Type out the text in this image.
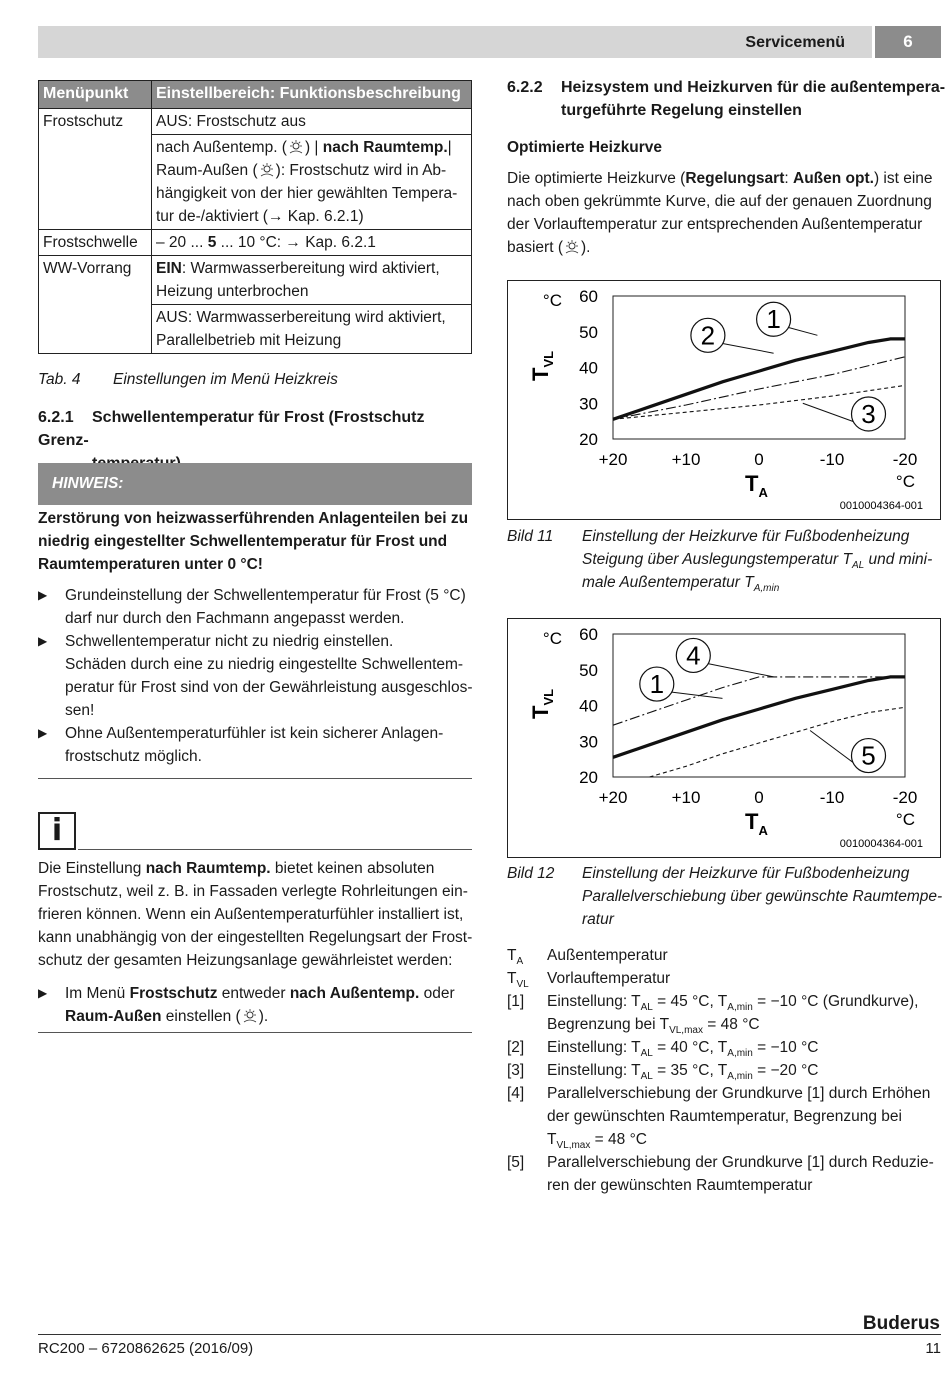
Servicemenü	6
Menüpunkt	Einstellbereich: Funktionsbeschreibung
Frostschutz	AUS: Frostschutz aus
	nach Außentemp. ( ) | nach Raumtemp.|
Raum-Außen ( ): Frostschutz wird in Ab-
hängigkeit von der hier gewählten Tempera-
tur de-/aktiviert (→ Kap. 6.2.1)
Frostschwelle	– 20 ... 5 ... 10 °C: → Kap. 6.2.1
WW-Vorrang	EIN: Warmwasserbereitung wird aktiviert,
Heizung unterbrochen
	AUS: Warmwasserbereitung wird aktiviert,
Parallelbetrieb mit Heizung
Tab. 4 Einstellungen im Menü Heizkreis
6.2.1 Schwellentemperatur für Frost (Frostschutz Grenz-

HINWEIS:
Zerstörung von heizwasserführenden Anlagenteilen bei zu
niedrig eingestellter Schwellentemperatur für Frost und
Raumtemperaturen unter 0 °C!
▶ Grundeinstellung der Schwellentemperatur für Frost (5 °C)
darf nur durch den Fachmann angepasst werden.
▶ Schwellentemperatur nicht zu niedrig einstellen.
Schäden durch eine zu niedrig eingestellte Schwellentem-
peratur für Frost sind von der Gewährleistung ausgeschlos-
sen!
▶ Ohne Außentemperaturfühler ist kein sicherer Anlagen-
frostschutz möglich.
i
Die Einstellung nach Raumtemp. bietet keinen absoluten
Frostschutz, weil z. B. in Fassaden verlegte Rohrleitungen ein-
frieren können. Wenn ein Außentemperaturfühler installiert ist,
kann unabhängig von der eingestellten Regelungsart der Frost-
schutz der gesamten Heizungsanlage gewährleistet werden:
▶ Im Menü Frostschutz entweder nach Außentemp. oder
Raum-Außen einstellen ( ).
6.2.2 Heizsystem und Heizkurven für die außentempera-
turgeführte Regelung einstellen
Optimierte Heizkurve
Die optimierte Heizkurve (Regelungsart: Außen opt.) ist eine
nach oben gekrümmte Kurve, die auf der genauen Zuordnung
der Vorlauftemperatur zur entsprechenden Außentemperatur
basiert ( ).
20
30
40
50
60
+20	+10	0	-10	-20
°C
°C
$T_{VL}$
$T_A$
0010004364-001
1
2
3
Bild 11 Einstellung der Heizkurve für Fußbodenheizung
Steigung über Auslegungstemperatur $T_{AL}$ und mini-
male Außentemperatur $T_{A,min}$
20
30
40
50
60
+20	+10	0	-10	-20
°C
°C
$T_{VL}$
$T_A$
0010004364-001
1
4
5
Bild 12 Einstellung der Heizkurve für Fußbodenheizung
Parallelverschiebung über gewünschte Raumtempe-
ratur
$T_A$ Außentemperatur
$T_{VL}$ Vorlauftemperatur
[1] Einstellung: $T_{AL} = 45$ °C, $T_{A,min} = -10$ °C (Grundkurve),
Begrenzung bei $T_{VL,max} = 48$ °C
[2] Einstellung: $T_{AL} = 40$ °C, $T_{A,min} = -10$ °C
[3] Einstellung: $T_{AL} = 35$ °C, $T_{A,min} = -20$ °C
[4] Parallelverschiebung der Grundkurve [1] durch Erhöhen
der gewünschten Raumtemperatur, Begrenzung bei
$T_{VL,max} = 48$ °C
[5] Parallelverschiebung der Grundkurve [1] durch Reduzie-
ren der gewünschten Raumtemperatur
Buderus
RC200 – 6720862625 (2016/09)	11
